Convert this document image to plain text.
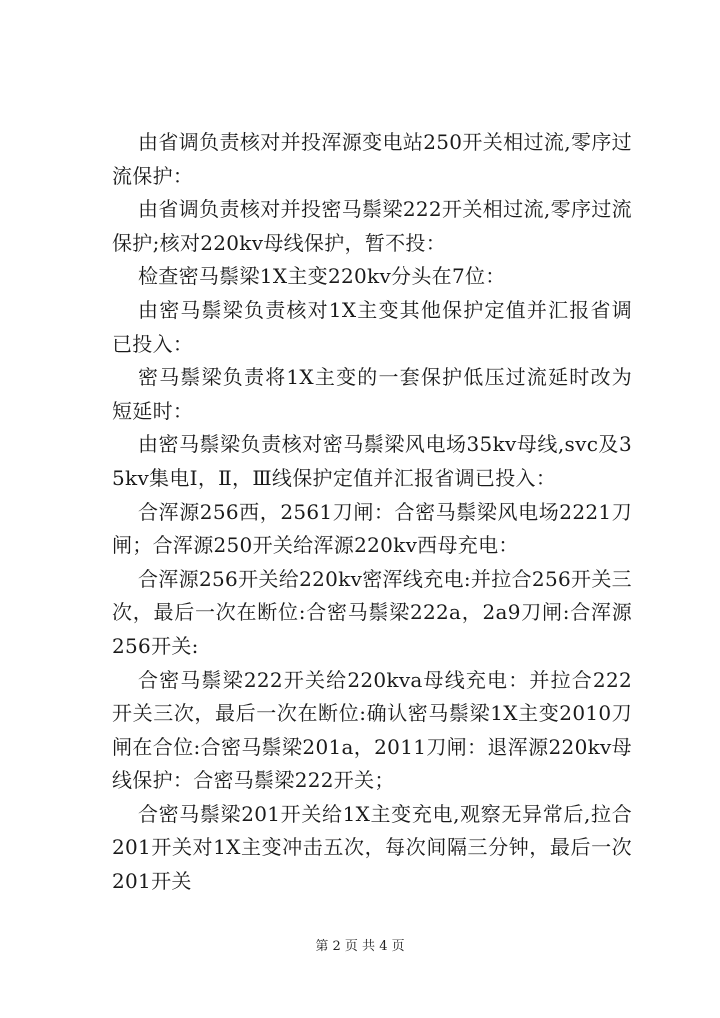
由省调负责核对并投浑源变电站250开关相过流,零序过流保护：

由省调负责核对并投密马鬃梁222开关相过流,零序过流保护;核对220kv母线保护，暂不投：

检查密马鬃梁1X主变220kv分头在7位：

由密马鬃梁负责核对1X主变其他保护定值并汇报省调已投入：

密马鬃梁负责将1X主变的一套保护低压过流延时改为短延时：

由密马鬃梁负责核对密马鬃梁风电场35kv母线,svc及35kv集电Ⅰ，Ⅱ，Ⅲ线保护定值并汇报省调已投入：

合浑源256西，2561刀闸：合密马鬃梁风电场2221刀闸；合浑源250开关给浑源220kv西母充电：

合浑源256开关给220kv密浑线充电:并拉合256开关三次，最后一次在断位:合密马鬃梁222a，2a9刀闸:合浑源256开关:

合密马鬃梁222开关给220kva母线充电：并拉合222开关三次，最后一次在断位:确认密马鬃梁1X主变2010刀闸在合位:合密马鬃梁201a，2011刀闸：退浑源220kv母线保护：合密马鬃梁222开关；

合密马鬃梁201开关给1X主变充电,观察无异常后,拉合201开关对1X主变冲击五次，每次间隔三分钟，最后一次201开关

第 2 页 共 4 页
